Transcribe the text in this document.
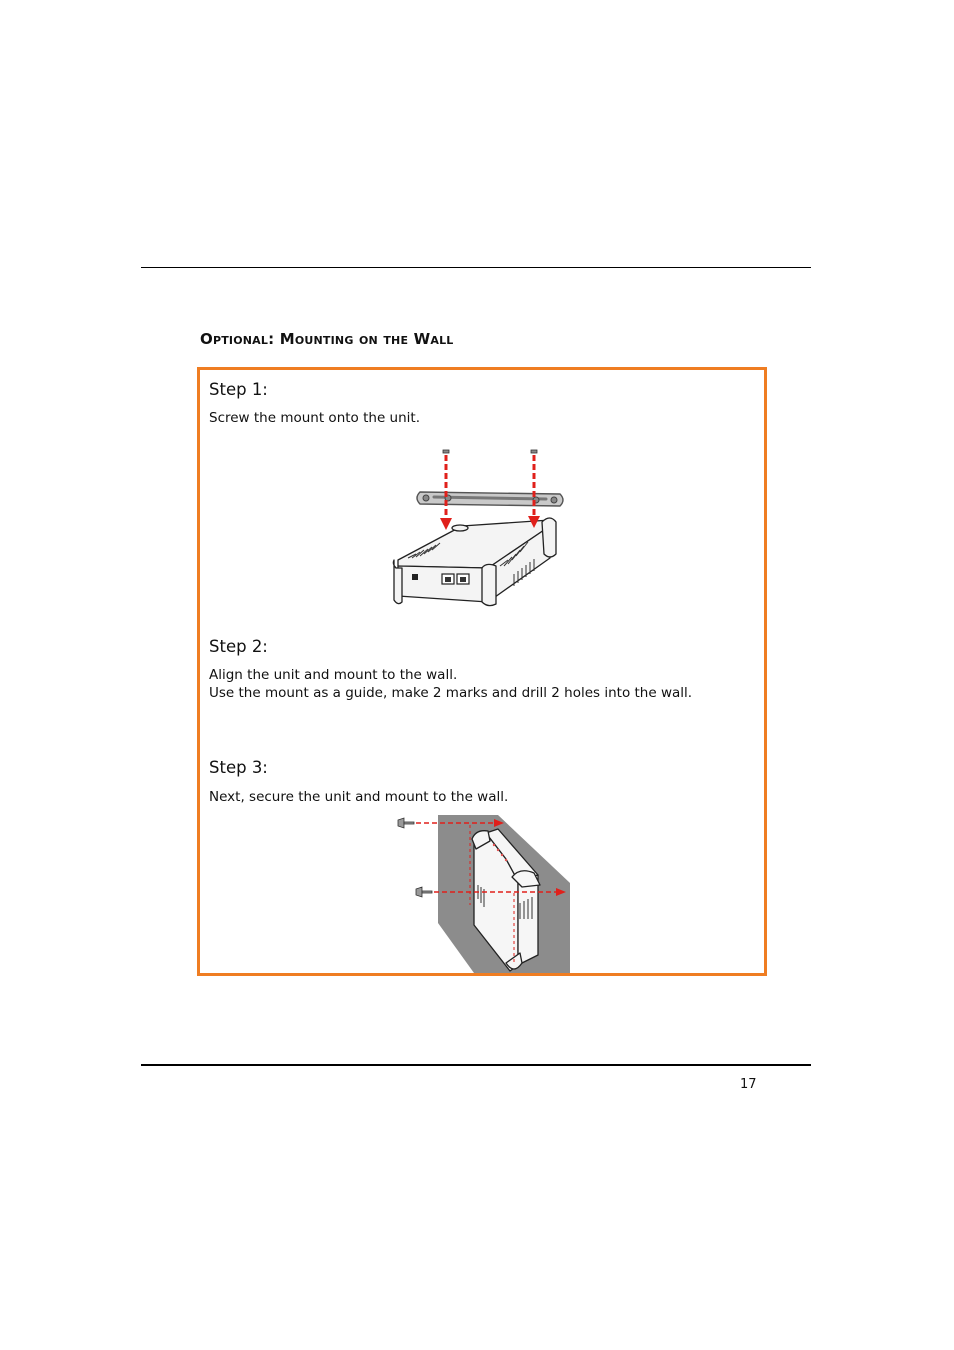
Optional: Mounting on the Wall
Step 1:

Screw the mount onto the unit.

Step 2:

Align the unit and mount to the wall.

Use the mount as a guide, make 2 marks and drill 2 holes into the wall.

Step 3:

Next, secure the unit and mount to the wall.

17
